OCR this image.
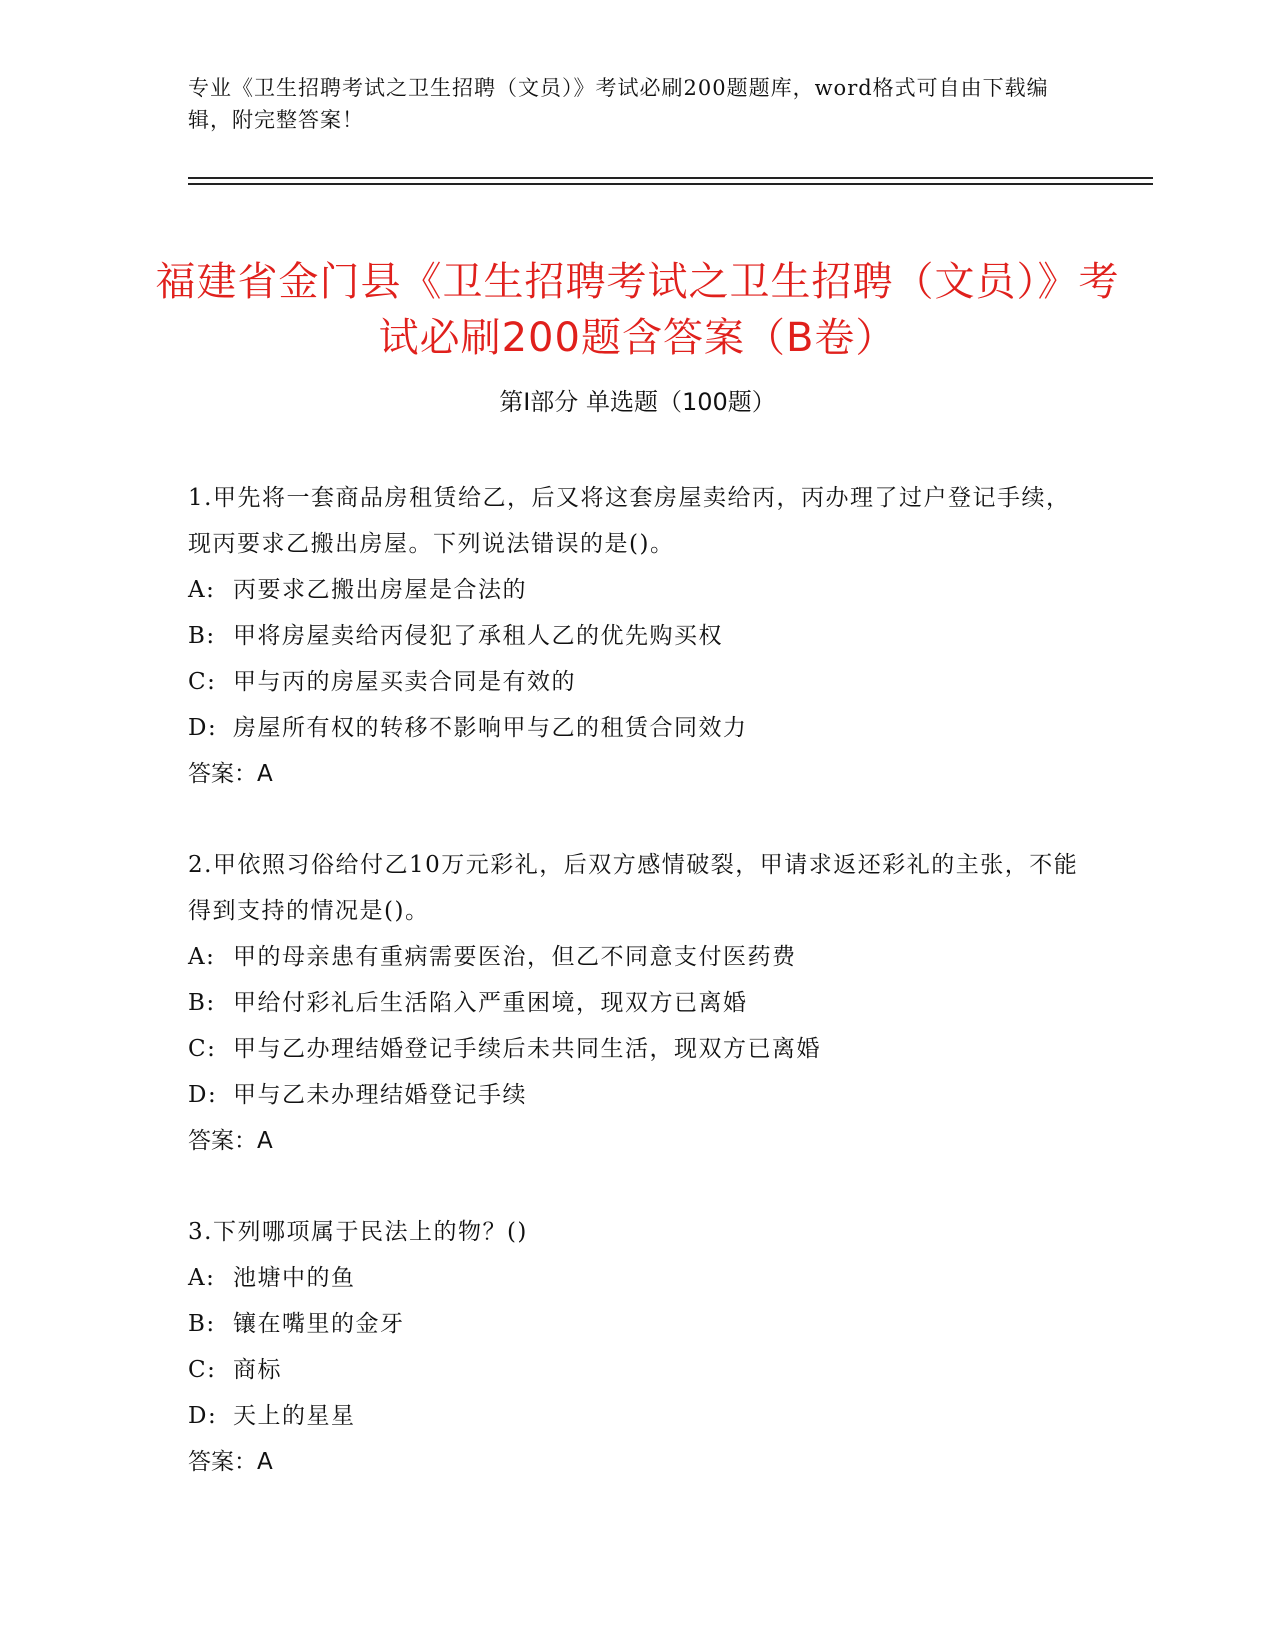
专业《卫生招聘考试之卫生招聘（文员）》考试必刷200题题库，word格式可自由下载编辑，附完整答案！
福建省金门县《卫生招聘考试之卫生招聘（文员）》考试必刷200题含答案（B卷）
第Ⅰ部分 单选题（100题）
1.甲先将一套商品房租赁给乙，后又将这套房屋卖给丙，丙办理了过户登记手续，现丙要求乙搬出房屋。下列说法错误的是()。
A: 丙要求乙搬出房屋是合法的
B: 甲将房屋卖给丙侵犯了承租人乙的优先购买权
C: 甲与丙的房屋买卖合同是有效的
D: 房屋所有权的转移不影响甲与乙的租赁合同效力
答案：A
2.甲依照习俗给付乙10万元彩礼，后双方感情破裂，甲请求返还彩礼的主张，不能得到支持的情况是()。
A: 甲的母亲患有重病需要医治，但乙不同意支付医药费
B: 甲给付彩礼后生活陷入严重困境，现双方已离婚
C: 甲与乙办理结婚登记手续后未共同生活，现双方已离婚
D: 甲与乙未办理结婚登记手续
答案：A
3.下列哪项属于民法上的物？()
A: 池塘中的鱼
B: 镶在嘴里的金牙
C: 商标
D: 天上的星星
答案：A
